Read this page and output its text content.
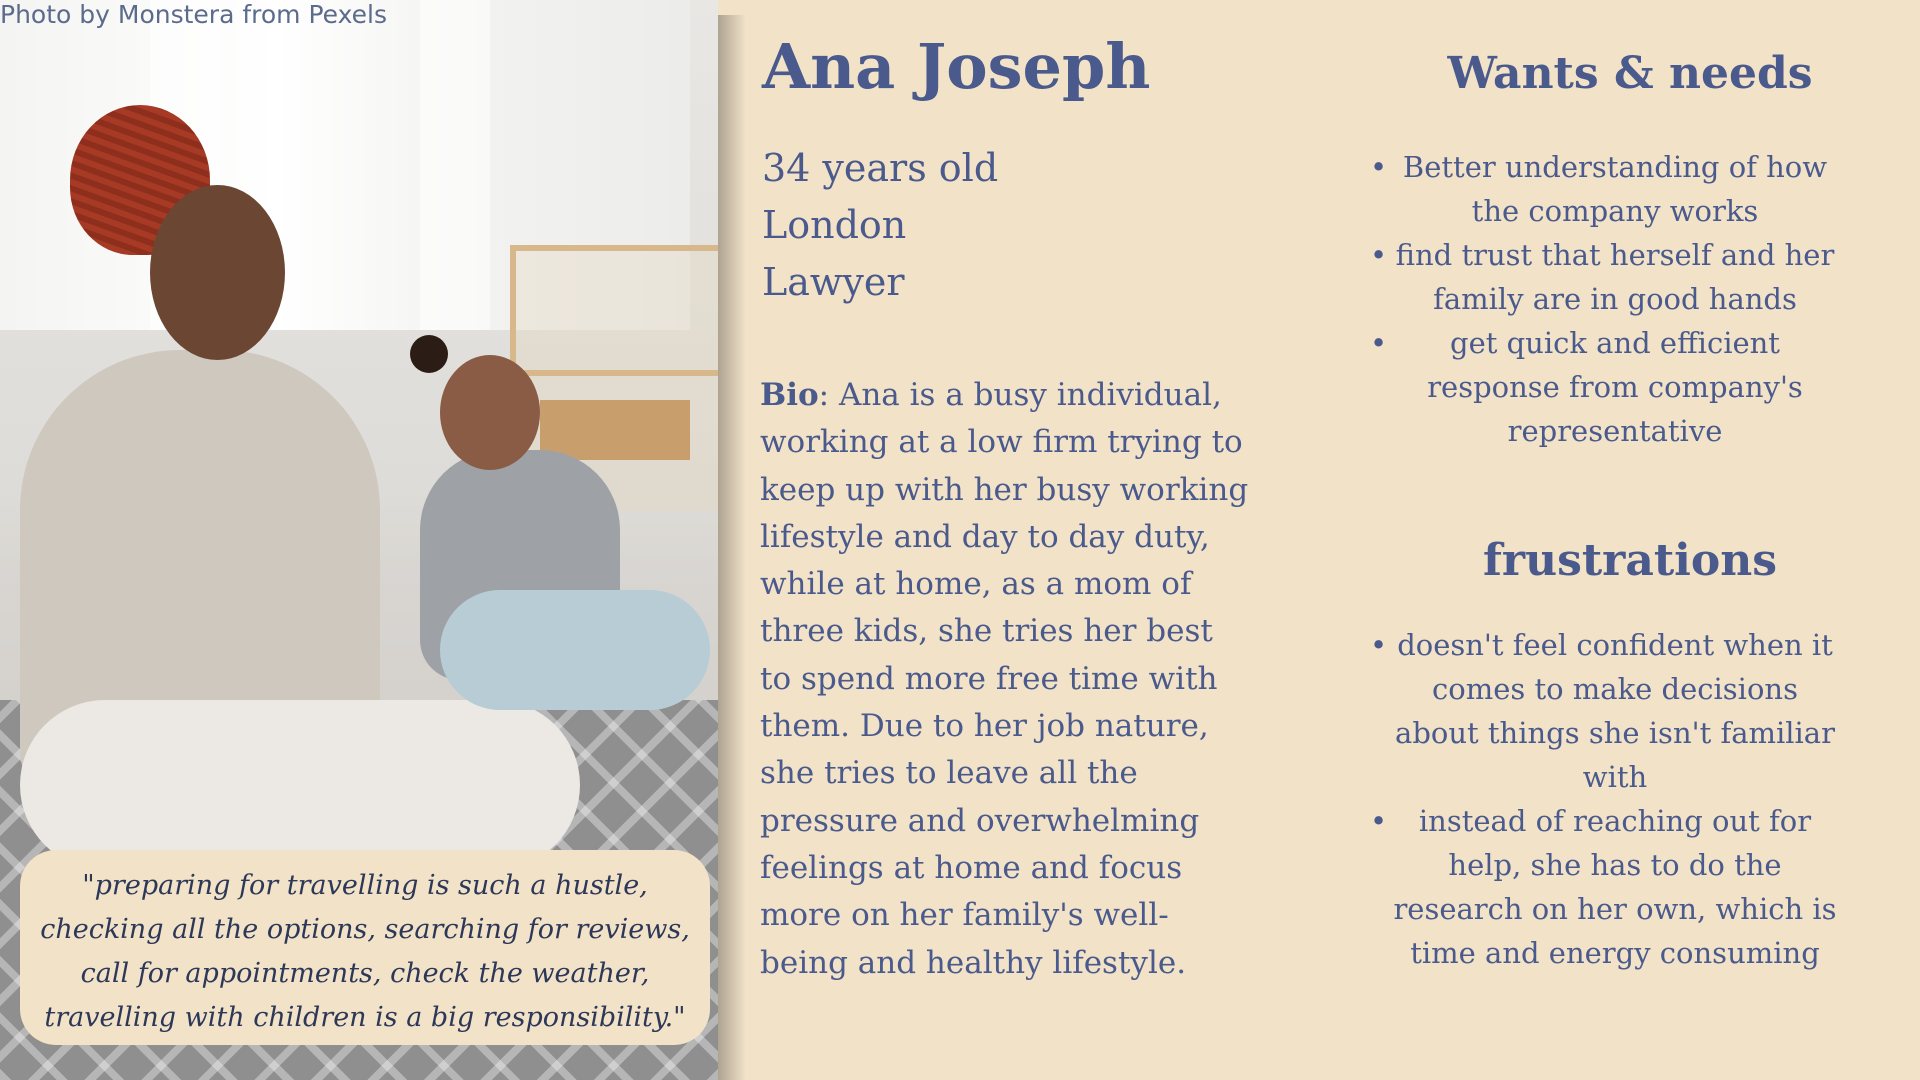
Photo by Monstera from Pexels

"preparing for travelling is such a hustle, checking all the options, searching for reviews, call for appointments, check the weather, travelling with children is a big responsibility."
Ana Joseph
34 years old
London
Lawyer
Bio: Ana is a busy individual, working at a low firm trying to keep up with her busy working lifestyle and day to day duty, while at home, as a mom of three kids, she tries her best to spend more free time with them. Due to her job nature, she tries to leave all the pressure and overwhelming feelings at home and focus more on her family's well-being and healthy lifestyle.
Wants & needs
• Better understanding of how the company works
• find trust that herself and her family are in good hands
• get quick and efficient response from company's representative
frustrations
• doesn't feel confident when it comes to make decisions about things she isn't familiar with
• instead of reaching out for help, she has to do the research on her own, which is time and energy consuming
